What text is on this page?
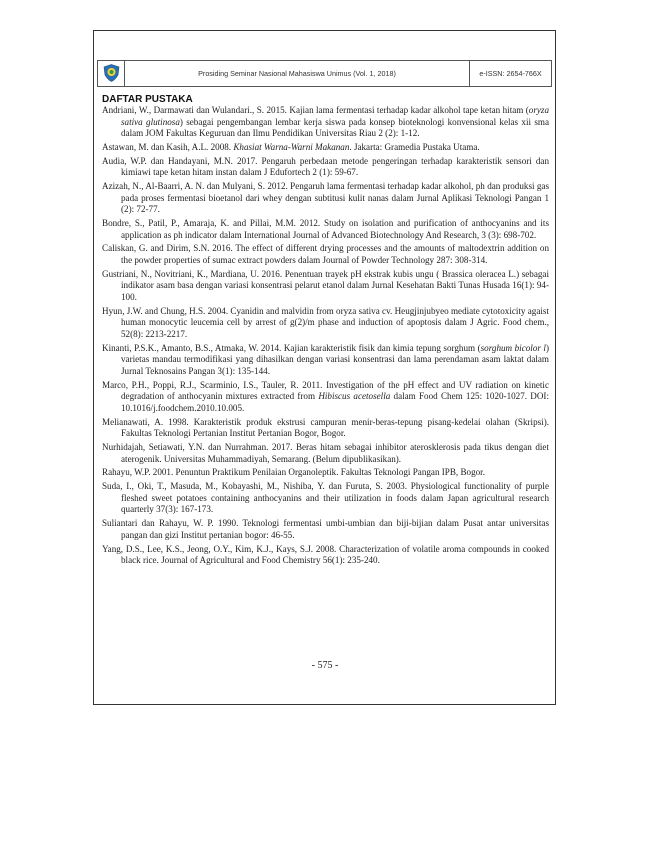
Prosiding Seminar Nasional Mahasiswa Unimus (Vol. 1, 2018)	e-ISSN: 2654-766X
DAFTAR PUSTAKA
Andriani, W., Darmawati dan Wulandari., S. 2015. Kajian lama fermentasi terhadap kadar alkohol tape ketan hitam (oryza sativa glutinosa) sebagai pengembangan lembar kerja siswa pada konsep bioteknologi konvensional kelas xii sma dalam JOM Fakultas Keguruan dan Ilmu Pendidikan Universitas Riau 2 (2): 1-12.
Astawan, M. dan Kasih, A.L. 2008. Khasiat Warna-Warni Makanan. Jakarta: Gramedia Pustaka Utama.
Audia, W.P. dan Handayani, M.N. 2017. Pengaruh perbedaan metode pengeringan terhadap karakteristik sensori dan kimiawi tape ketan hitam instan dalam J Edufortech 2 (1): 59-67.
Azizah, N., Al-Baarri, A. N. dan Mulyani, S. 2012. Pengaruh lama fermentasi terhadap kadar alkohol, ph dan produksi gas pada proses fermentasi bioetanol dari whey dengan subtitusi kulit nanas dalam Jurnal Aplikasi Teknologi Pangan 1 (2): 72-77.
Bondre, S., Patil, P., Amaraja, K. and Pillai, M.M. 2012. Study on isolation and purification of anthocyanins and its application as ph indicator dalam International Journal of Advanced Biotechnology And Research, 3 (3): 698-702.
Caliskan, G. and Dirim, S.N. 2016. The effect of different drying processes and the amounts of maltodextrin addition on the powder properties of sumac extract powders dalam Journal of Powder Technology 287: 308-314.
Gustriani, N., Novitriani, K., Mardiana, U. 2016. Penentuan trayek pH ekstrak kubis ungu ( Brassica oleracea L.) sebagai indikator asam basa dengan variasi konsentrasi pelarut etanol dalam Jurnal Kesehatan Bakti Tunas Husada 16(1): 94-100.
Hyun, J.W. and Chung, H.S. 2004. Cyanidin and malvidin from oryza sativa cv. Heugjinjubyeo mediate cytotoxicity agaist human monocytic leucemia cell by arrest of g(2)/m phase and induction of apoptosis dalam J Agric. Food chem., 52(8): 2213-2217.
Kinanti, P.S.K., Amanto, B.S., Atmaka, W. 2014. Kajian karakteristik fisik dan kimia tepung sorghum (sorghum bicolor l) varietas mandau termodifikasi yang dihasilkan dengan variasi konsentrasi dan lama perendaman asam laktat dalam Jurnal Teknosains Pangan 3(1): 135-144.
Marco, P.H., Poppi, R.J., Scarminio, I.S., Tauler, R. 2011. Investigation of the pH effect and UV radiation on kinetic degradation of anthocyanin mixtures extracted from Hibiscus acetosella dalam Food Chem 125: 1020-1027. DOI: 10.1016/j.foodchem.2010.10.005.
Melianawati, A. 1998. Karakteristik produk ekstrusi campuran menir-beras-tepung pisang-kedelai olahan (Skripsi). Fakultas Teknologi Pertanian Institut Pertanian Bogor, Bogor.
Nurhidajah, Setiawati, Y.N. dan Nurrahman. 2017. Beras hitam sebagai inhibitor aterosklerosis pada tikus dengan diet aterogenik. Universitas Muhammadiyah, Semarang. (Belum dipublikasikan).
Rahayu, W.P. 2001. Penuntun Praktikum Penilaian Organoleptik. Fakultas Teknologi Pangan IPB, Bogor.
Suda, I., Oki, T., Masuda, M., Kobayashi, M., Nishiba, Y. dan Furuta, S. 2003. Physiological functionality of purple fleshed sweet potatoes containing anthocyanins and their utilization in foods dalam Japan agricultural research quarterly 37(3): 167-173.
Suliantari dan Rahayu, W. P. 1990. Teknologi fermentasi umbi-umbian dan biji-bijian dalam Pusat antar universitas pangan dan gizi Institut pertanian bogor: 46-55.
Yang, D.S., Lee, K.S., Jeong, O.Y., Kim, K.J., Kays, S.J. 2008. Characterization of volatile aroma compounds in cooked black rice. Journal of Agricultural and Food Chemistry 56(1): 235-240.
- 575 -
